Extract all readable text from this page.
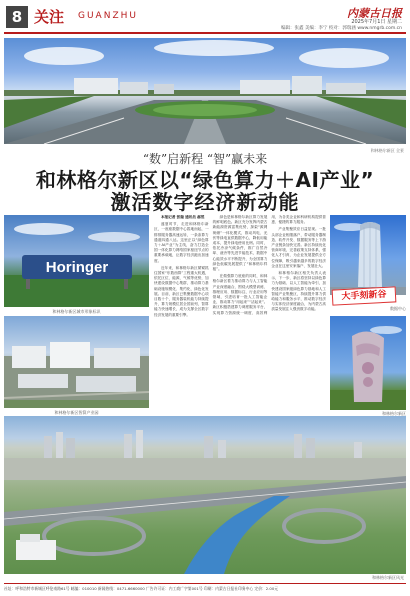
8 关注 GUANZHU	内蒙古日报
2025年7月1日 星期二
编辑：张鑫 美编：李宁 校对：郭瑞涵 www.nmgrb.com.cn
和林格尔新区 全景
“数”启新程 “智”赢未来
和林格尔新区以“绿色算力＋AI产业”
激活数字经济新动能
Horinger
和林格尔新区城市形象标识
和林格尔新区智算产业园
大手刻新谷
数据中心
和林格尔新区

本报记者 张瑞 通讯员 郝然

盛夏时节，走进和林格尔新区，一座座数据中心拔地而起，一排排服务器高速运转，一条条算力通道四通八达。这里正以“绿色算力＋AI产业”为主线，奋力打造全国一体化算力网络国家枢纽节点的重要承载地，让数字经济跑出加速度。

近年来，和林格尔新区紧紧抓住国家“东数西算”工程重大机遇，依托区位、能源、气候等优势，加快建设数据中心集群，推动算力基础设施规模化、集约化、绿色化发展。目前，新区已集聚数据中心项目数十个，服务器装机能力持续提升，算力规模位居全国前列，智算能力快速增长，成为支撑全区数字经济发展的重要引擎。

绿色是和林格尔新区算力发展的鲜明底色。新区充分发挥内蒙古新能源资源富集优势，探索“源网荷储”一体化模式，推动风电、光伏等绿电直供数据中心，降低用能成本，提升绿电使用比例。同时，依托冷凉气候条件，推广自然冷却、液冷等先进节能技术，数据中心能效水平不断提升，为全国算力绿色低碳发展提供了“和林格尔样板”。

在做强算力底座的同时，和林格尔新区着力推动算力与人工智能产业深度融合，围绕大模型训练、推理应用、数据标注、行业应用等领域，引进培育一批人工智能企业，推动算力“用起来”“活起来”。新区积极搭建算力调度服务平台，实现算力资源统一调度、高效利用，为各类企业和科研机构提供普惠、便捷的算力服务。

产业集聚效应日益显现。一批头部企业相继落户，带动服务器制造、软件开发、数据服务等上下游产业链条加快完善。新区持续优化营商环境，完善政策支持体系，强化人才引育，为企业发展提供全方位保障，吸引越来越多的数字经济企业在这里安家落户、发展壮大。

和林格尔新区相关负责人表示，下一步，新区将坚持以绿色算力为基础、以人工智能为牵引，加快建设国家级绿色算力基地和人工智能产业集聚区，持续提升算力供给能力和服务水平，推动数字经济与实体经济深度融合，为内蒙古高质量发展注入强劲数字动能。

和林格尔新区风光
社址：呼和浩特市新城区呼伦南路61号 邮编：010010 新闻热线：0471-6660000 广告许可证：内工商广字第001号 印刷：内蒙古日报社印务中心 定价：2.00元
